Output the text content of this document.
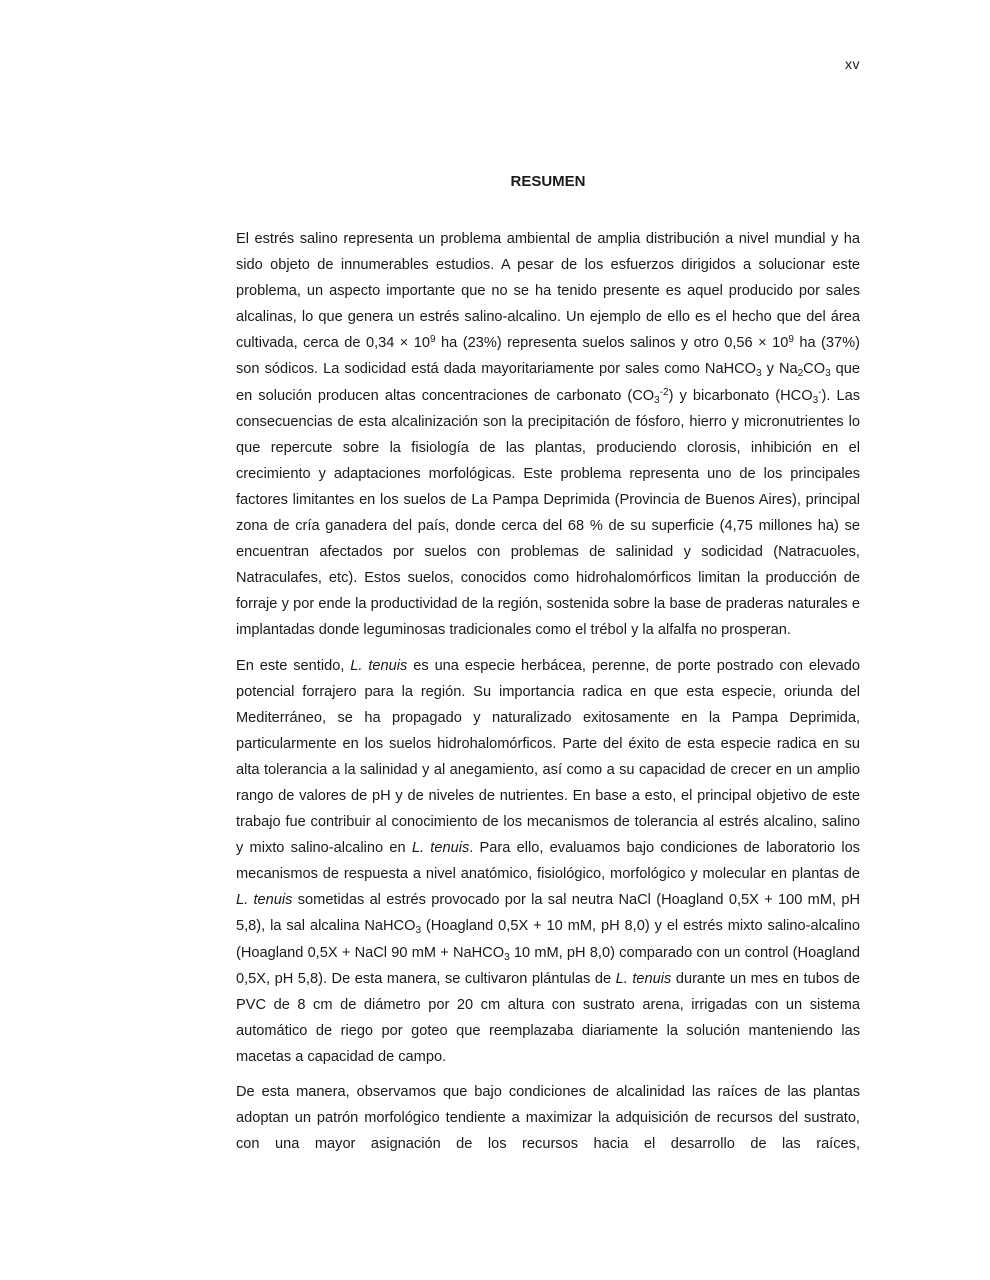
xv
RESUMEN

El estrés salino representa un problema ambiental de amplia distribución a nivel mundial y ha sido objeto de innumerables estudios. A pesar de los esfuerzos dirigidos a solucionar este problema, un aspecto importante que no se ha tenido presente es aquel producido por sales alcalinas, lo que genera un estrés salino-alcalino. Un ejemplo de ello es el hecho que del área cultivada, cerca de $0,34 \times 10^9$ ha (23%) representa suelos salinos y otro $0,56 \times 10^9$ ha (37%) son sódicos. La sodicidad está dada mayoritariamente por sales como NaHCO$_3$ y $Na_2CO_3$ que en solución producen altas concentraciones de carbonato $(CO_3^{-2})$ y bicarbonato $(HCO_3^-)$. Las consecuencias de esta alcalinización son la precipitación de fósforo, hierro y micronutrientes lo que repercute sobre la fisiología de las plantas, produciendo clorosis, inhibición en el crecimiento y adaptaciones morfológicas. Este problema representa uno de los principales factores limitantes en los suelos de La Pampa Deprimida (Provincia de Buenos Aires), principal zona de cría ganadera del país, donde cerca del 68 % de su superficie (4,75 millones ha) se encuentran afectados por suelos con problemas de salinidad y sodicidad (Natracuoles, Natraculafes, etc). Estos suelos, conocidos como hidrohalomórficos limitan la producción de forraje y por ende la productividad de la región, sostenida sobre la base de praderas naturales e implantadas donde leguminosas tradicionales como el trébol y la alfalfa no prosperan.

En este sentido, L. tenuis es una especie herbácea, perenne, de porte postrado con elevado potencial forrajero para la región. Su importancia radica en que esta especie, oriunda del Mediterráneo, se ha propagado y naturalizado exitosamente en la Pampa Deprimida, particularmente en los suelos hidrohalomórficos. Parte del éxito de esta especie radica en su alta tolerancia a la salinidad y al anegamiento, así como a su capacidad de crecer en un amplio rango de valores de pH y de niveles de nutrientes. En base a esto, el principal objetivo de este trabajo fue contribuir al conocimiento de los mecanismos de tolerancia al estrés alcalino, salino y mixto salino-alcalino en L. tenuis. Para ello, evaluamos bajo condiciones de laboratorio los mecanismos de respuesta a nivel anatómico, fisiológico, morfológico y molecular en plantas de L. tenuis sometidas al estrés provocado por la sal neutra NaCl (Hoagland 0,5X + 100 mM, pH 5,8), la sal alcalina NaHCO$_3$ (Hoagland 0,5X + 10 mM, pH 8,0) y el estrés mixto salino-alcalino (Hoagland 0,5X + NaCl 90 mM + NaHCO$_3$ 10 mM, pH 8,0) comparado con un control (Hoagland 0,5X, pH 5,8). De esta manera, se cultivaron plántulas de L. tenuis durante un mes en tubos de PVC de 8 cm de diámetro por 20 cm altura con sustrato arena, irrigadas con un sistema automático de riego por goteo que reemplazaba diariamente la solución manteniendo las macetas a capacidad de campo.

De esta manera, observamos que bajo condiciones de alcalinidad las raíces de las plantas adoptan un patrón morfológico tendiente a maximizar la adquisición de recursos del sustrato, con una mayor asignación de los recursos hacia el desarrollo de las raíces,
